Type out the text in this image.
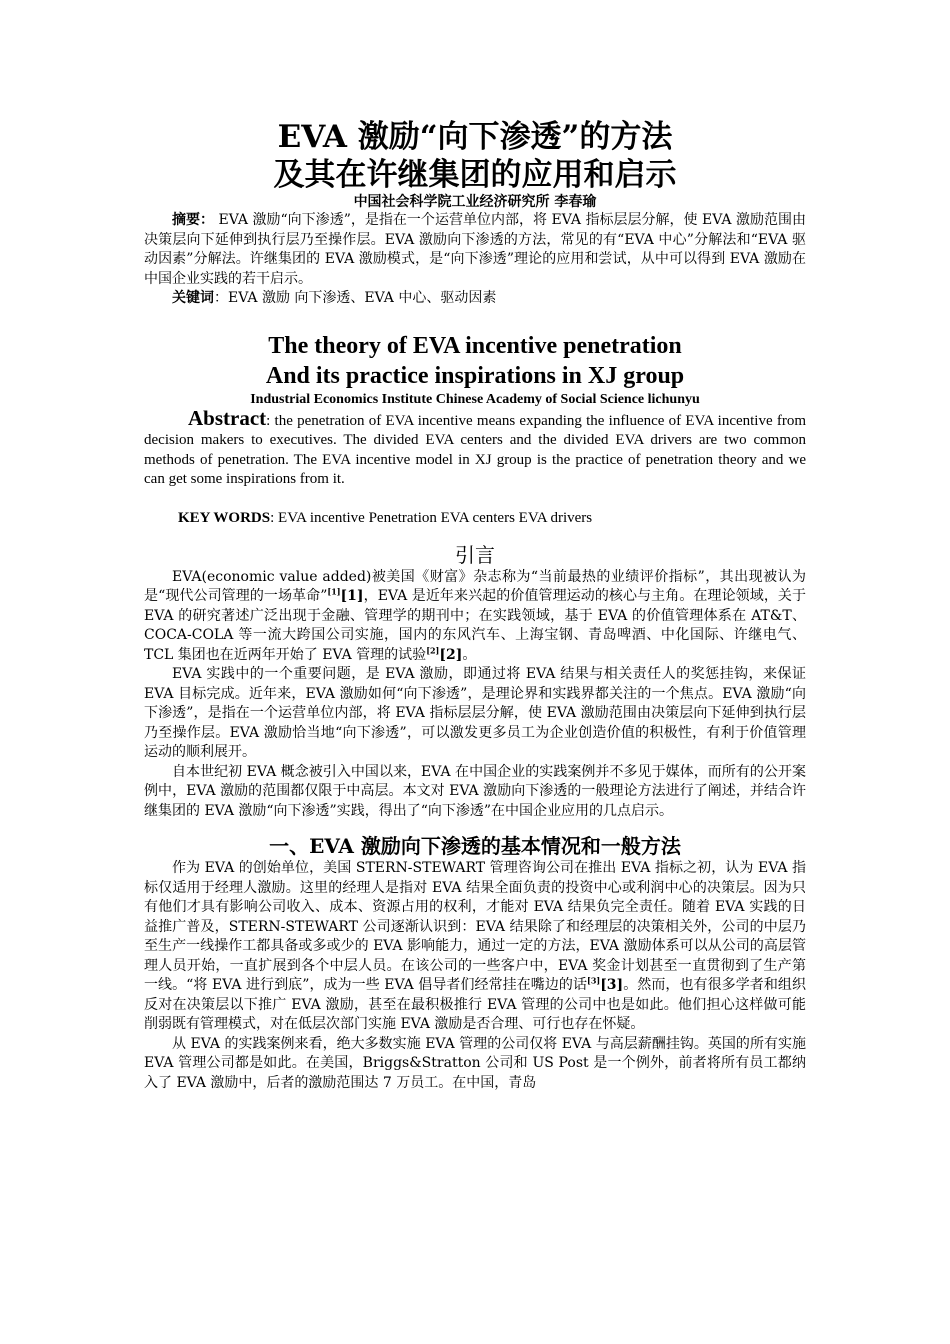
EVA 激励“向下渗透”的方法
及其在许继集团的应用和启示
中国社会科学院工业经济研究所 李春瑜

摘要： EVA 激励“向下渗透”，是指在一个运营单位内部，将 EVA 指标层层分解，使 EVA 激励范围由决策层向下延伸到执行层乃至操作层。EVA 激励向下渗透的方法，常见的有“EVA 中心”分解法和“EVA 驱动因素”分解法。许继集团的 EVA 激励模式，是“向下渗透”理论的应用和尝试，从中可以得到 EVA 激励在中国企业实践的若干启示。

关键词：EVA 激励 向下渗透、EVA 中心、驱动因素

The theory of EVA incentive penetration
And its practice inspirations in XJ group
Industrial Economics Institute Chinese Academy of Social Science lichunyu

Abstract: the penetration of EVA incentive means expanding the influence of EVA incentive from decision makers to executives. The divided EVA centers and the divided EVA drivers are two common methods of penetration. The EVA incentive model in XJ group is the practice of penetration theory and we can get some inspirations from it.

KEY WORDS: EVA incentive Penetration EVA centers EVA drivers

引言

EVA(economic value added)被美国《财富》杂志称为“当前最热的业绩评价指标”，其出现被认为是“现代公司管理的一场革命”[1][1]，EVA 是近年来兴起的价值管理运动的核心与主角。在理论领域，关于 EVA 的研究著述广泛出现于金融、管理学的期刊中；在实践领域，基于 EVA 的价值管理体系在 AT&T、COCA-COLA 等一流大跨国公司实施，国内的东风汽车、上海宝钢、青岛啤酒、中化国际、许继电气、TCL 集团也在近两年开始了 EVA 管理的试验[2][2]。

EVA 实践中的一个重要问题，是 EVA 激励，即通过将 EVA 结果与相关责任人的奖惩挂钩，来保证 EVA 目标完成。近年来，EVA 激励如何“向下渗透”，是理论界和实践界都关注的一个焦点。EVA 激励“向下渗透”，是指在一个运营单位内部，将 EVA 指标层层分解，使 EVA 激励范围由决策层向下延伸到执行层乃至操作层。EVA 激励恰当地“向下渗透”，可以激发更多员工为企业创造价值的积极性，有利于价值管理运动的顺利展开。

自本世纪初 EVA 概念被引入中国以来，EVA 在中国企业的实践案例并不多见于媒体，而所有的公开案例中，EVA 激励的范围都仅限于中高层。本文对 EVA 激励向下渗透的一般理论方法进行了阐述，并结合许继集团的 EVA 激励“向下渗透”实践，得出了“向下渗透”在中国企业应用的几点启示。

一、EVA 激励向下渗透的基本情况和一般方法

作为 EVA 的创始单位，美国 STERN-STEWART 管理咨询公司在推出 EVA 指标之初，认为 EVA 指标仅适用于经理人激励。这里的经理人是指对 EVA 结果全面负责的投资中心或利润中心的决策层。因为只有他们才具有影响公司收入、成本、资源占用的权利，才能对 EVA 结果负完全责任。随着 EVA 实践的日益推广普及，STERN-STEWART 公司逐渐认识到：EVA 结果除了和经理层的决策相关外，公司的中层乃至生产一线操作工都具备或多或少的 EVA 影响能力，通过一定的方法，EVA 激励体系可以从公司的高层管理人员开始，一直扩展到各个中层人员。在该公司的一些客户中，EVA 奖金计划甚至一直贯彻到了生产第一线。“将 EVA 进行到底”，成为一些 EVA 倡导者们经常挂在嘴边的话[3][3]。然而，也有很多学者和组织反对在决策层以下推广 EVA 激励，甚至在最积极推行 EVA 管理的公司中也是如此。他们担心这样做可能削弱既有管理模式，对在低层次部门实施 EVA 激励是否合理、可行也存在怀疑。

从 EVA 的实践案例来看，绝大多数实施 EVA 管理的公司仅将 EVA 与高层薪酬挂钩。英国的所有实施 EVA 管理公司都是如此。在美国，Briggs&Stratton 公司和 US Post 是一个例外，前者将所有员工都纳入了 EVA 激励中，后者的激励范围达 7 万员工。在中国，青岛
